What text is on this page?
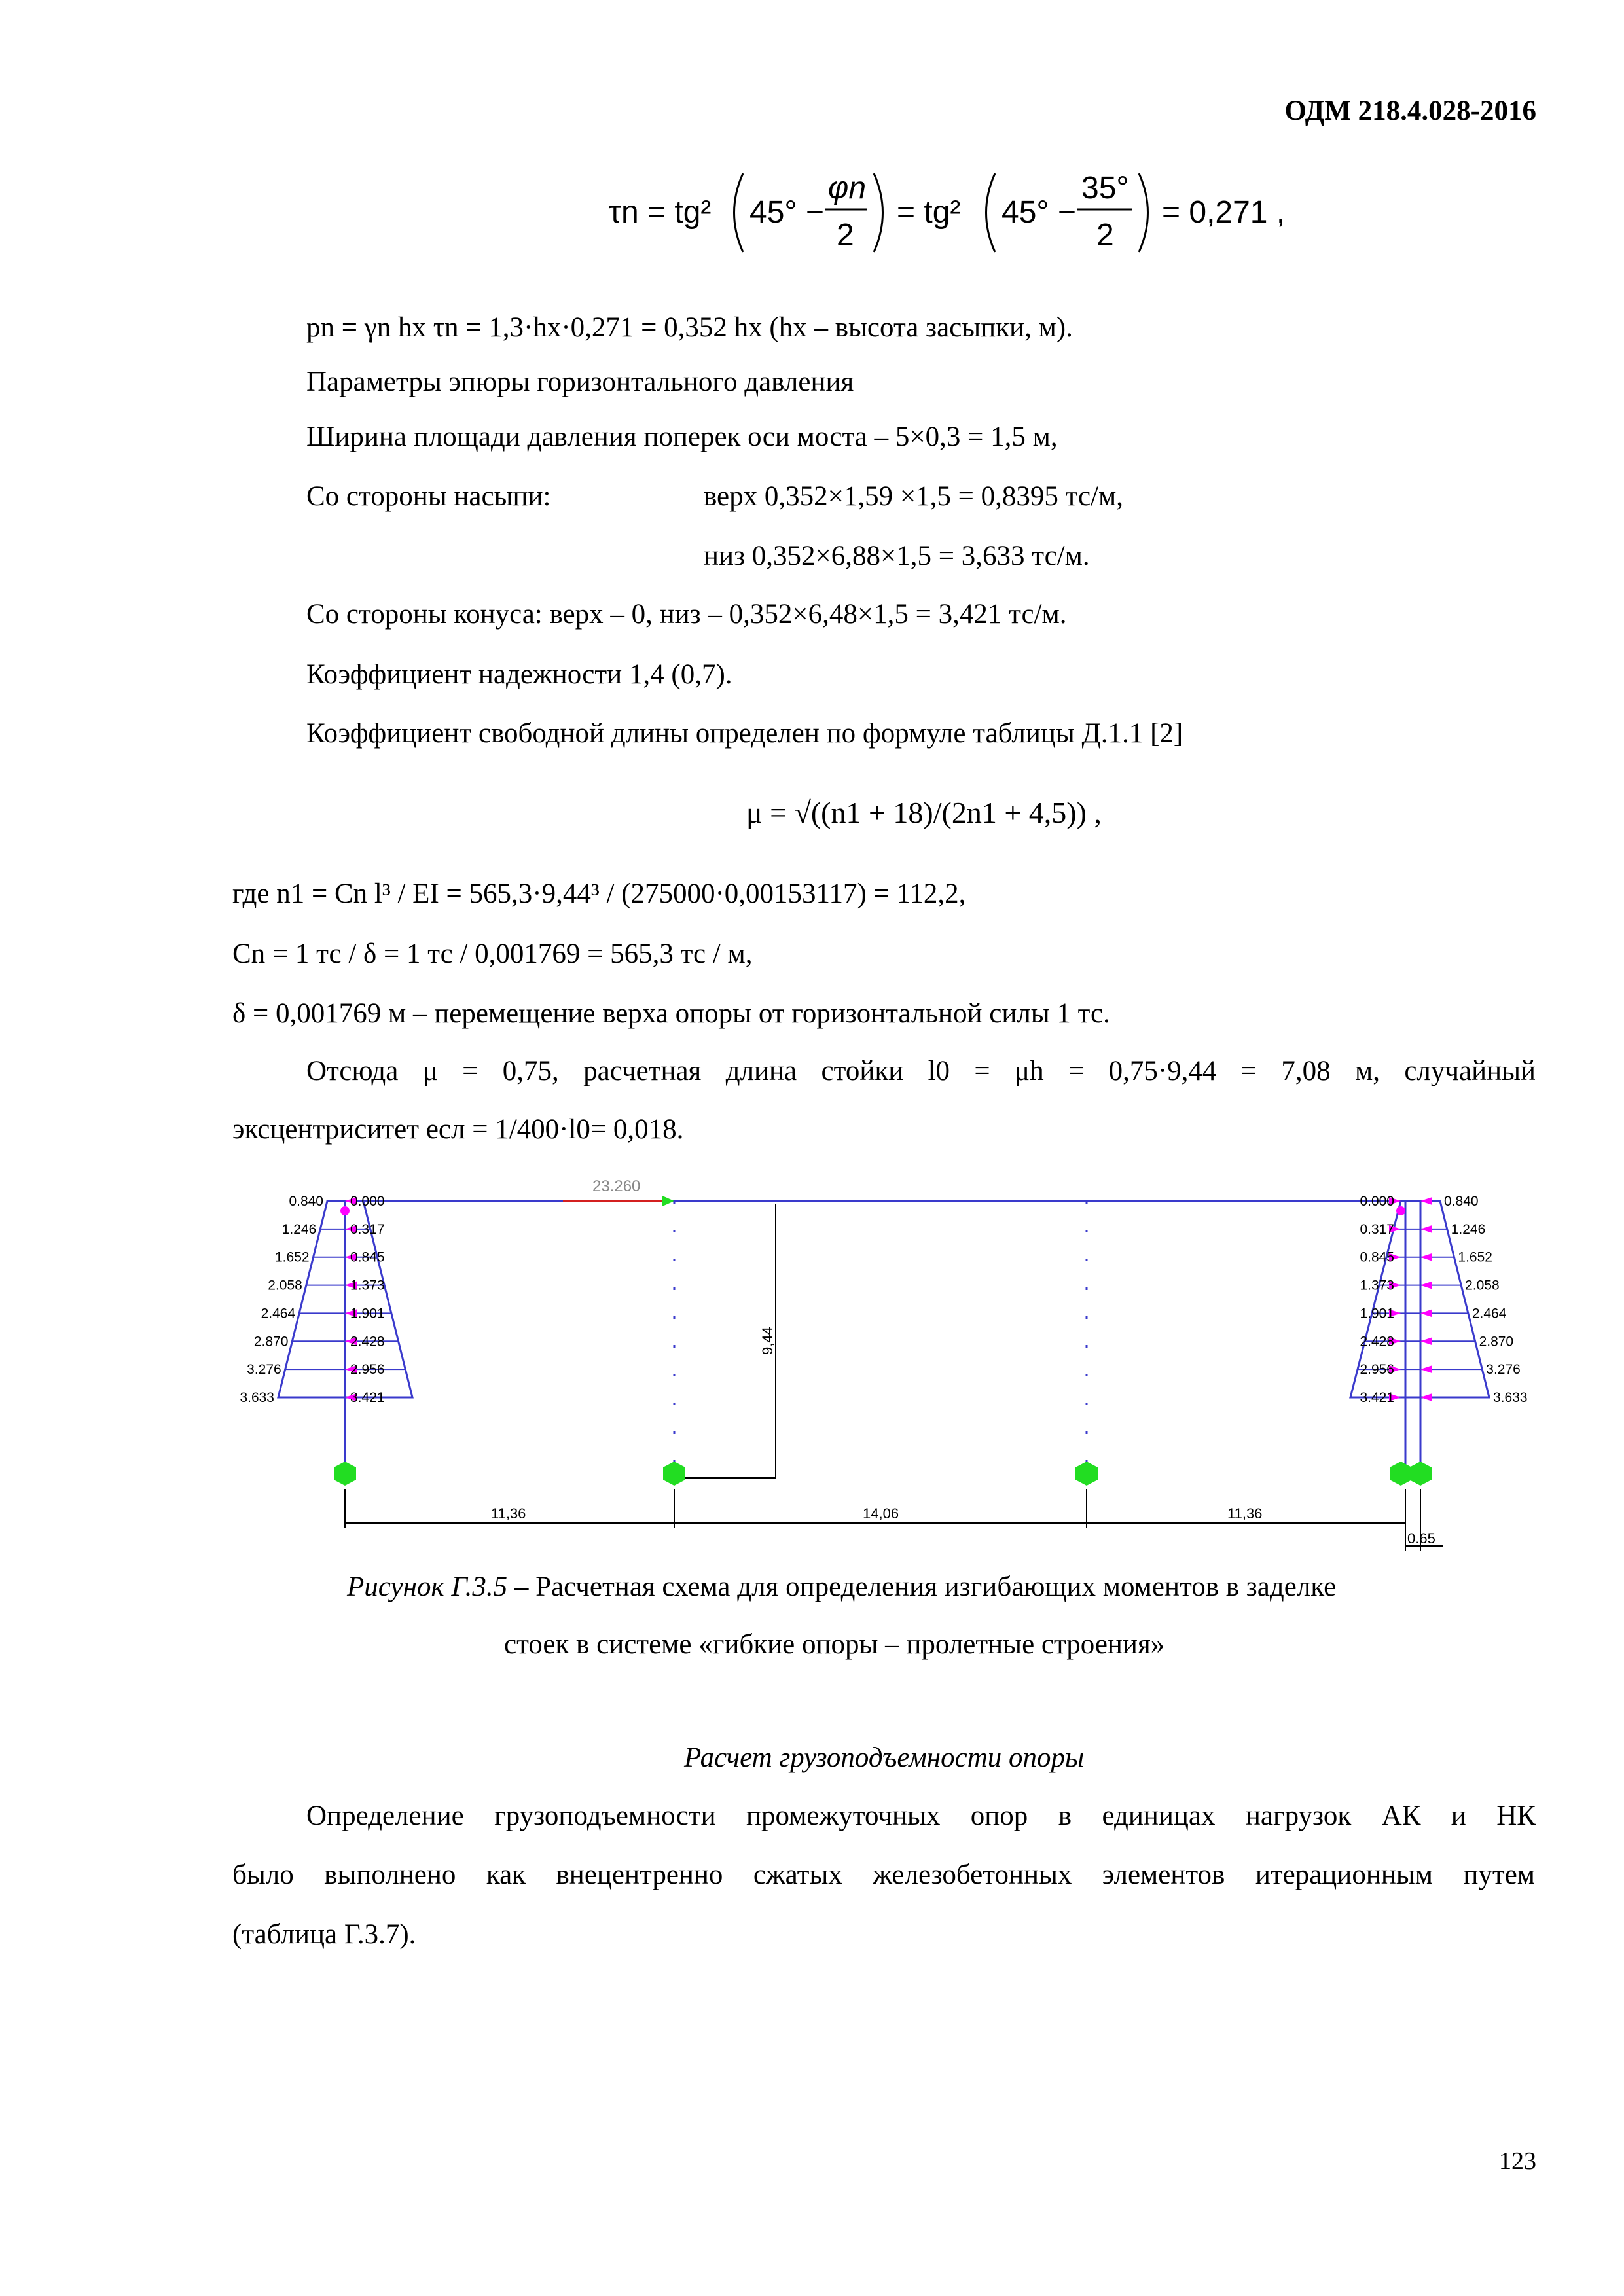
ОДМ 218.4.028-2016
τn = tg² 45° −
φn
2
= tg² 45° −
35°
2
= 0,271 ,
pn = γn hx τn = 1,3·hx·0,271 = 0,352 hx (hx – высота засыпки, м).
Параметры эпюры горизонтального давления
Ширина площади давления поперек оси моста – 5×0,3 = 1,5 м,
Со стороны насыпи:	верх 0,352×1,59 ×1,5 = 0,8395 тс/м,
низ 0,352×6,88×1,5 = 3,633 тс/м.
Со стороны конуса: верх – 0, низ – 0,352×6,48×1,5 = 3,421 тс/м.
Коэффициент надежности 1,4 (0,7).
Коэффициент свободной длины определен по формуле таблицы Д.1.1 [2]
μ = √((n1 + 18)/(2n1 + 4,5)) ,
где n1 = Cn l³ / EI = 565,3·9,44³ / (275000·0,00153117) = 112,2,
Cn = 1 тс / δ = 1 тс / 0,001769 = 565,3 тс / м,
δ = 0,001769 м – перемещение верха опоры от горизонтальной силы 1 тс.
Отсюда μ = 0,75, расчетная длина стойки l0 = μh = 0,75·9,44 = 7,08 м, случайный
эксцентриситет eсл = 1/400·l0= 0,018.
23.260
0.840 0.000
1.246 0.317
1.652	0.845
2.058	1.373
2.464	1.901
2.870	2.428
3.276	2.956
3.633	3.421
0.000	0.840
0.317	1.246
0.845	1.652
1.373	2.058
1.901	2.464
2.428	2.870
2.956	3.276
3.421	3.633
9,44
11,36	14,06	11,36
0.65
Рисунок Г.3.5 – Расчетная схема для определения изгибающих моментов в заделке
стоек в системе «гибкие опоры – пролетные строения»
Расчет грузоподъемности опоры
Определение грузоподъемности промежуточных опор в единицах нагрузок АК и НК
было выполнено как внецентренно сжатых железобетонных элементов итерационным путем
(таблица Г.3.7).
123
